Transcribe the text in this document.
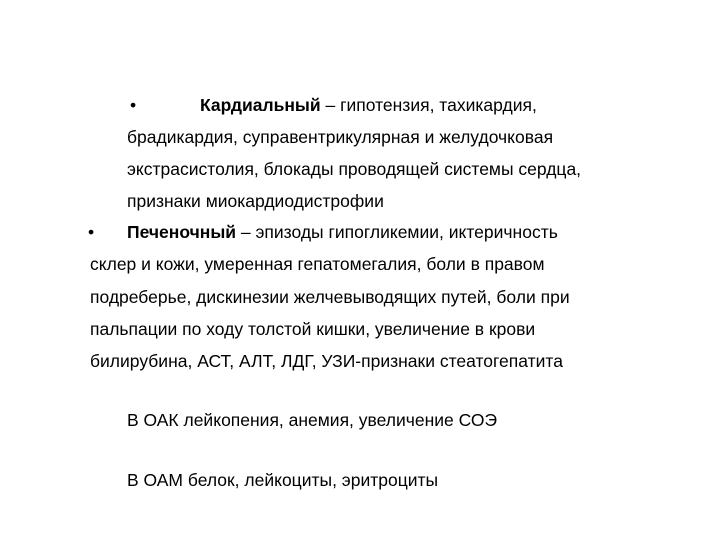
•	Кардиальный – гипотензия, тахикардия,
брадикардия, суправентрикулярная и желудочковая
экстрасистолия, блокады проводящей системы сердца,
признаки миокардиодистрофии
• Печеночный – эпизоды гипогликемии, иктеричность
склер и кожи, умеренная гепатомегалия, боли в правом
подреберье, дискинезии желчевыводящих путей, боли при
пальпации по ходу толстой кишки, увеличение в крови
билирубина, АСТ, АЛТ, ЛДГ, УЗИ-признаки стеатогепатита
В ОАК лейкопения, анемия, увеличение СОЭ
В ОАМ белок, лейкоциты, эритроциты
